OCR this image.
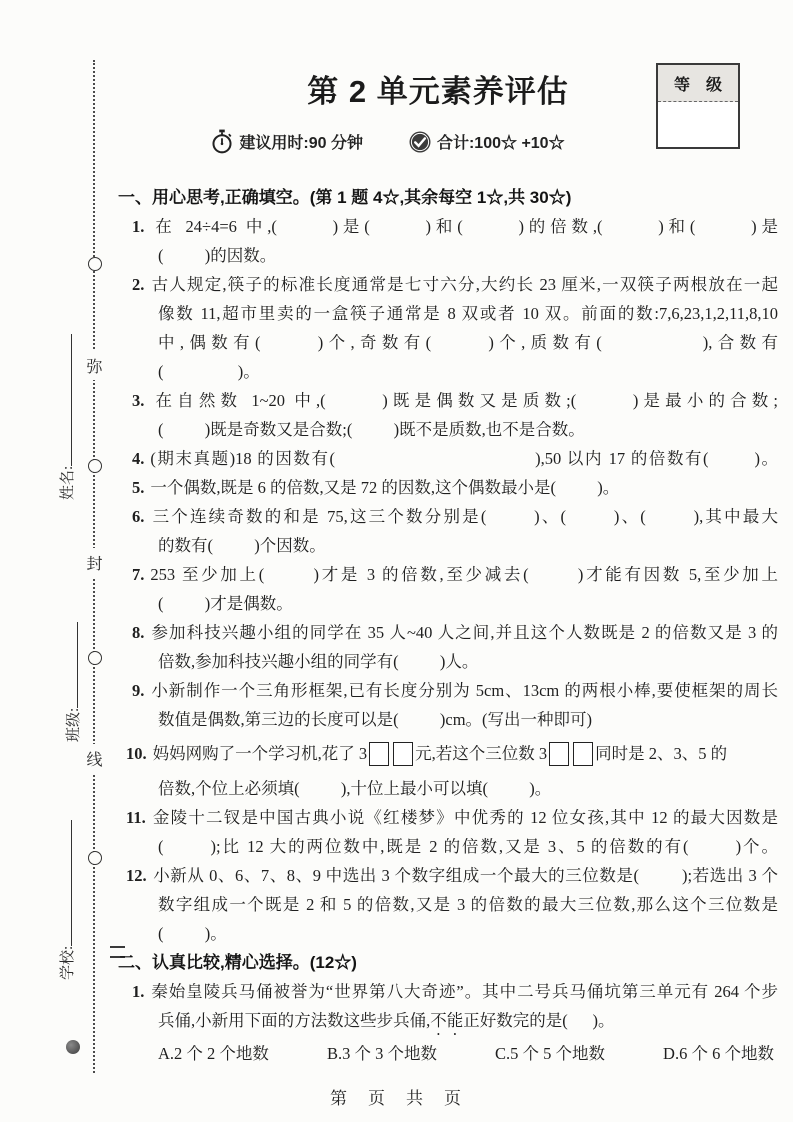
第 2 单元素养评估
建议用时:90 分钟	合计:100☆ +10☆
等　级
弥
封
线
姓名:
班级:
学校:
一、用心思考,正确填空。(第 1 题 4☆,其余每空 1☆,共 30☆)
1. 在 24÷4=6 中,(　　 )是(　　 )和(　　 )的倍数,(　　 )和(　　 )是
(　　 )的因数。
2. 古人规定,筷子的标准长度通常是七寸六分,大约长 23 厘米,一双筷子两根放在一起
像数 11,超市里卖的一盒筷子通常是 8 双或者 10 双。前面的数:7,6,23,1,2,11,8,10
中,偶数有(　　 )个,奇数有(　　 )个,质数有(　　　　 ),合数有
(　　　　 )。
3. 在自然数 1~20 中,(　　 )既是偶数又是质数;(　　 )是最小的合数;
(　　 )既是奇数又是合数;(　　 )既不是质数,也不是合数。
4. (期末真题)18 的因数有(　　　　　　　　　　　),50 以内 17 的倍数有(　　 )。
5. 一个偶数,既是 6 的倍数,又是 72 的因数,这个偶数最小是(　　 )。
6. 三个连续奇数的和是 75,这三个数分别是(　　 )、(　　 )、(　　 ),其中最大
的数有(　　 )个因数。
7. 253 至少加上(　　 )才是 3 的倍数,至少减去(　　 )才能有因数 5,至少加上
(　　 )才是偶数。
8. 参加科技兴趣小组的同学在 35 人~40 人之间,并且这个人数既是 2 的倍数又是 3 的
倍数,参加科技兴趣小组的同学有(　　 )人。
9. 小新制作一个三角形框架,已有长度分别为 5cm、13cm 的两根小棒,要使框架的周长
数值是偶数,第三边的长度可以是(　　 )cm。(写出一种即可)
10. 妈妈网购了一个学习机,花了 3	元,若这个三位数 3	同时是 2、3、5 的
倍数,个位上必须填(　　 ),十位上最小可以填(　　 )。
11. 金陵十二钗是中国古典小说《红楼梦》中优秀的 12 位女孩,其中 12 的最大因数是
(　　 );比 12 大的两位数中,既是 2 的倍数,又是 3、5 的倍数的有(　　 )个。
12. 小新从 0、6、7、8、9 中选出 3 个数字组成一个最大的三位数是(　　 );若选出 3 个
数字组成一个既是 2 和 5 的倍数,又是 3 的倍数的最大三位数,那么这个三位数是
(　　 )。
二、认真比较,精心选择。(12☆)
1. 秦始皇陵兵马俑被誉为“世界第八大奇迹”。其中二号兵马俑坑第三单元有 264 个步
兵俑,小新用下面的方法数这些步兵俑,不能正好数完的是(　 )。
A.2 个 2 个地数	B.3 个 3 个地数	C.5 个 5 个地数	D.6 个 6 个地数
第　页　共　页
